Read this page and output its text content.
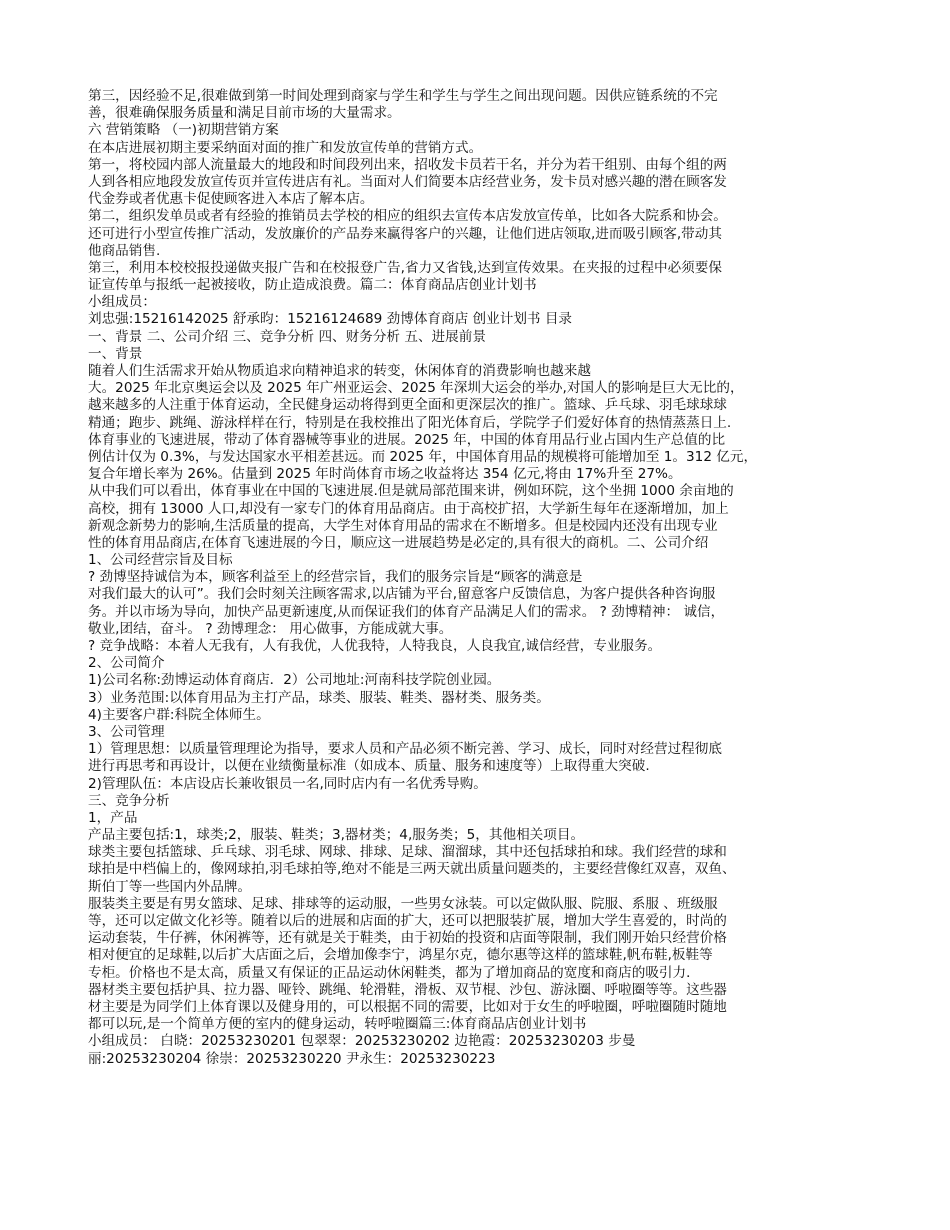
第三，因经验不足,很难做到第一时间处理到商家与学生和学生与学生之间出现问题。因供应链系统的不完
善，很难确保服务质量和满足目前市场的大量需求。
六 营销策略 （一)初期营销方案
在本店进展初期主要采纳面对面的推广和发放宣传单的营销方式。
第一，将校园内部人流量最大的地段和时间段列出来，招收发卡员若干名，并分为若干组别、由每个组的两
人到各相应地段发放宣传页并宣传进店有礼。当面对人们简要本店经营业务，发卡员对感兴趣的潜在顾客发
代金券或者优惠卡促使顾客进入本店了解本店。
第二，组织发单员或者有经验的推销员去学校的相应的组织去宣传本店发放宣传单，比如各大院系和协会。
还可进行小型宣传推广活动，发放廉价的产品券来赢得客户的兴趣，让他们进店领取,进而吸引顾客,带动其
他商品销售.
第三，利用本校校报投递做夹报广告和在校报登广告,省力又省钱,达到宣传效果。在夹报的过程中必须要保
证宣传单与报纸一起被接收，防止造成浪费。篇二：体育商品店创业计划书
小组成员：
刘忠强:15216142025 舒承昀：15216124689 劲博体育商店 创业计划书 目录
一、背景 二、公司介绍 三、竞争分析 四、财务分析 五、进展前景
一、背景
随着人们生活需求开始从物质追求向精神追求的转变，休闲体育的消费影响也越来越
大。2025 年北京奥运会以及 2025 年广州亚运会、2025 年深圳大运会的举办,对国人的影响是巨大无比的，
越来越多的人注重于体育运动，全民健身运动将得到更全面和更深层次的推广。篮球、乒乓球、羽毛球球球
精通；跑步、跳绳、游泳样样在行，特别是在我校推出了阳光体育后，学院学子们爱好体育的热情蒸蒸日上.
体育事业的飞速进展，带动了体育器械等事业的进展。2025 年，中国的体育用品行业占国内生产总值的比
例估计仅为 0.3%，与发达国家水平相差甚远。而 2025 年，中国体育用品的规模将可能增加至 1。312 亿元，
复合年增长率为 26%。估量到 2025 年时尚体育市场之收益将达 354 亿元,将由 17%升至 27%。
从中我们可以看出，体育事业在中国的飞速进展.但是就局部范围来讲，例如环院，这个坐拥 1000 余亩地的
高校，拥有 13000 人口,却没有一家专门的体育用品商店。由于高校扩招，大学新生每年在逐渐增加，加上
新观念新势力的影响,生活质量的提高，大学生对体育用品的需求在不断增多。但是校园内还没有出现专业
性的体育用品商店,在体育飞速进展的今日，顺应这一进展趋势是必定的,具有很大的商机。二、公司介绍
1、公司经营宗旨及目标
? 劲博坚持诚信为本，顾客利益至上的经营宗旨，我们的服务宗旨是“顾客的满意是
对我们最大的认可”。我们会时刻关注顾客需求,以店铺为平台,留意客户反馈信息，为客户提供各种咨询服
务。并以市场为导向，加快产品更新速度,从而保证我们的体育产品满足人们的需求。 ? 劲博精神： 诚信，
敬业,团结，奋斗。 ? 劲博理念： 用心做事，方能成就大事。
? 竞争战略：本着人无我有，人有我优，人优我特，人特我良，人良我宜,诚信经营，专业服务。
2、公司简介
1)公司名称:劲博运动体育商店．2）公司地址:河南科技学院创业园。
3）业务范围:以体育用品为主打产品，球类、服装、鞋类、器材类、服务类。
4)主要客户群:科院全体师生。
3、公司管理
1）管理思想：以质量管理理论为指导，要求人员和产品必须不断完善、学习、成长，同时对经营过程彻底
进行再思考和再设计，以便在业绩衡量标准（如成本、质量、服务和速度等）上取得重大突破.
2)管理队伍：本店设店长兼收银员一名,同时店内有一名优秀导购。
三、竞争分析
1，产品
产品主要包括:1，球类;2，服装、鞋类；3,器材类；4,服务类；5，其他相关项目。
球类主要包括篮球、乒乓球、羽毛球、网球、排球、足球、溜溜球，其中还包括球拍和球。我们经营的球和
球拍是中档偏上的，像网球拍,羽毛球拍等,绝对不能是三两天就出质量问题类的，主要经营像红双喜，双鱼、
斯伯丁等一些国内外品牌。
服装类主要是有男女篮球、足球、排球等的运动服，一些男女泳装。可以定做队服、院服、系服 、班级服
等，还可以定做文化衫等。随着以后的进展和店面的扩大，还可以把服装扩展，增加大学生喜爱的，时尚的
运动套装，牛仔裤，休闲裤等，还有就是关于鞋类，由于初始的投资和店面等限制，我们刚开始只经营价格
相对便宜的足球鞋,以后扩大店面之后，会增加像李宁，鸿星尔克，德尔惠等这样的篮球鞋,帆布鞋,板鞋等
专柜。价格也不是太高，质量又有保证的正品运动休闲鞋类，都为了增加商品的宽度和商店的吸引力．
器材类主要包括护具、拉力器、哑铃、跳绳、轮滑鞋，滑板、双节棍、沙包、游泳圈、呼啦圈等等。这些器
材主要是为同学们上体育课以及健身用的，可以根据不同的需要，比如对于女生的呼啦圈，呼啦圈随时随地
都可以玩,是一个简单方便的室内的健身运动，转呼啦圈篇三:体育商品店创业计划书
小组成员： 白晓：20253230201 包翠翠：20253230202 边艳霞：20253230203 步曼
丽:20253230204 徐崇：20253230220 尹永生：20253230223
